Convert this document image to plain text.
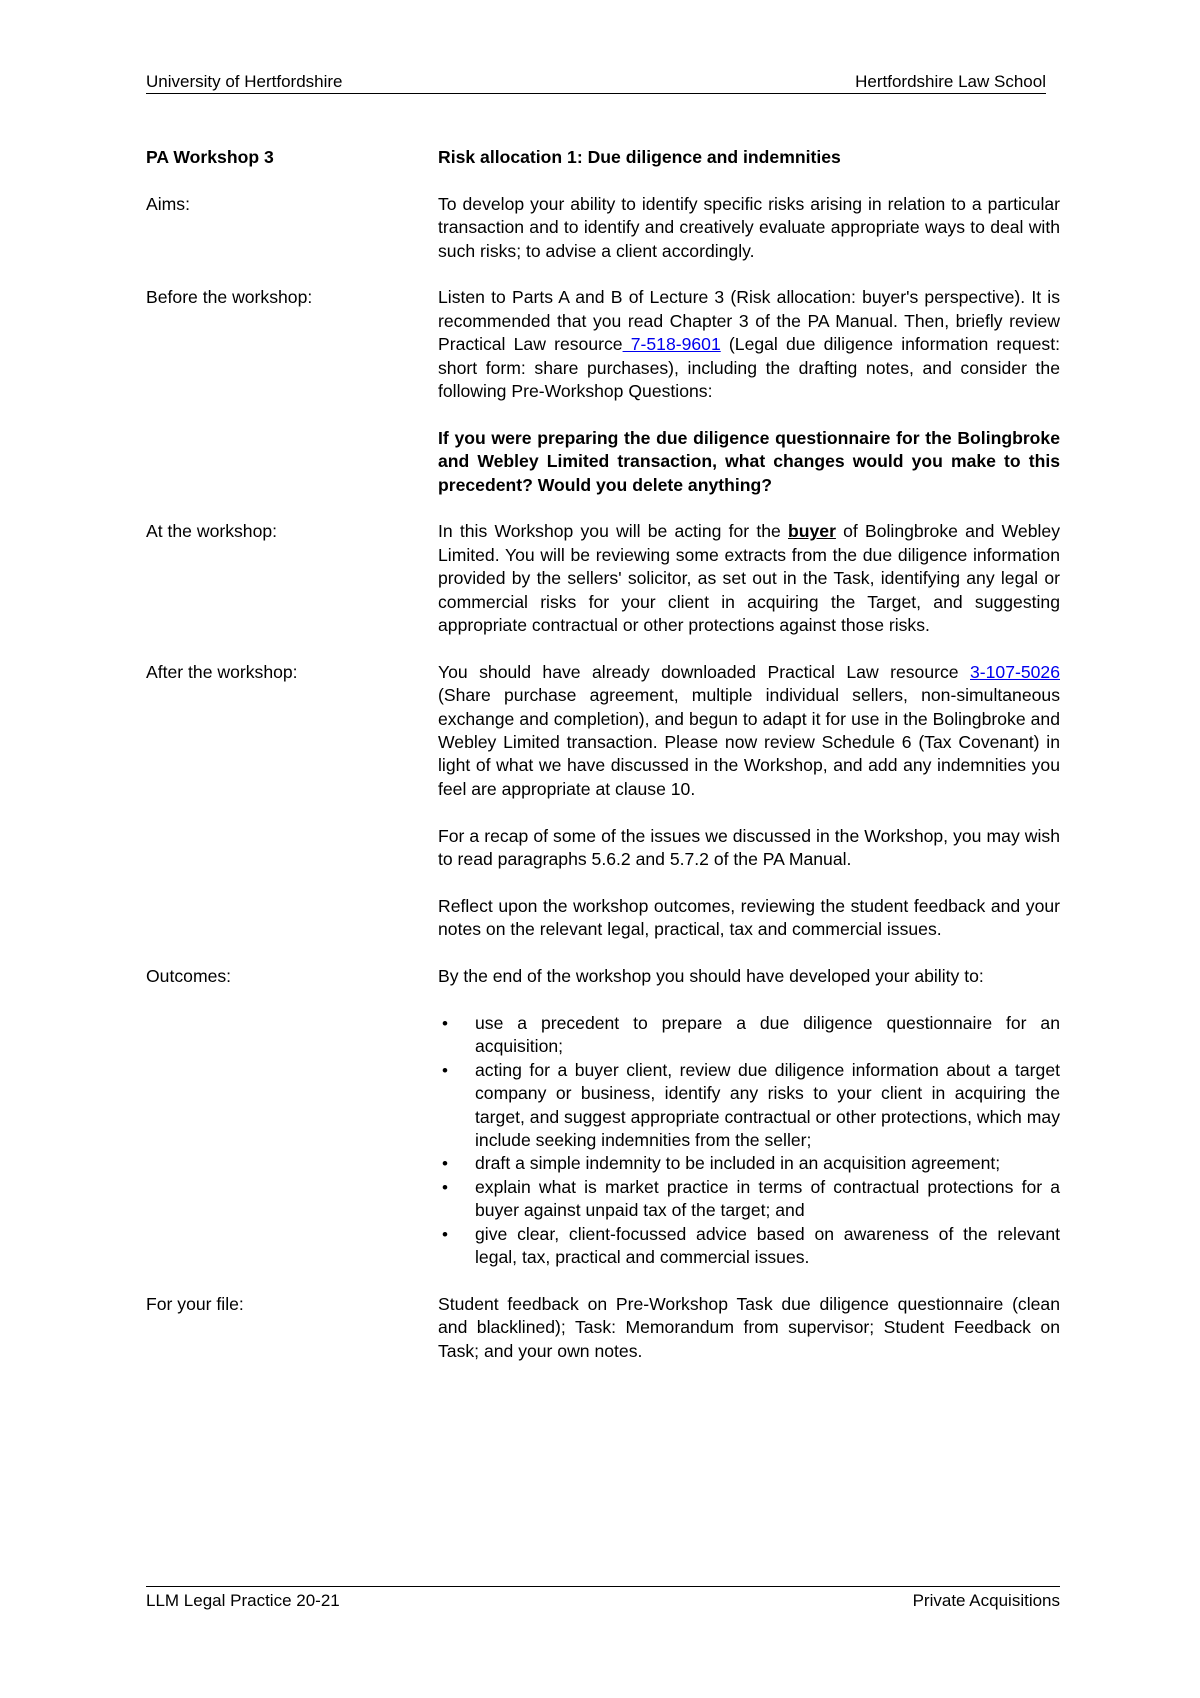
University of Hertfordshire	Hertfordshire Law School
PA Workshop 3	Risk allocation 1: Due diligence and indemnities
Aims:	To develop your ability to identify specific risks arising in relation to a particular transaction and to identify and creatively evaluate appropriate ways to deal with such risks; to advise a client accordingly.
Before the workshop:	Listen to Parts A and B of Lecture 3 (Risk allocation: buyer's perspective). It is recommended that you read Chapter 3 of the PA Manual. Then, briefly review Practical Law resource 7-518-9601 (Legal due diligence information request: short form: share purchases), including the drafting notes, and consider the following Pre-Workshop Questions:

If you were preparing the due diligence questionnaire for the Bolingbroke and Webley Limited transaction, what changes would you make to this precedent? Would you delete anything?

At the workshop:	In this Workshop you will be acting for the buyer of Bolingbroke and Webley Limited. You will be reviewing some extracts from the due diligence information provided by the sellers' solicitor, as set out in the Task, identifying any legal or commercial risks for your client in acquiring the Target, and suggesting appropriate contractual or other protections against those risks.

After the workshop:	You should have already downloaded Practical Law resource 3-107-5026 (Share purchase agreement, multiple individual sellers, non-simultaneous exchange and completion), and begun to adapt it for use in the Bolingbroke and Webley Limited transaction. Please now review Schedule 6 (Tax Covenant) in light of what we have discussed in the Workshop, and add any indemnities you feel are appropriate at clause 10.

For a recap of some of the issues we discussed in the Workshop, you may wish to read paragraphs 5.6.2 and 5.7.2 of the PA Manual.

Reflect upon the workshop outcomes, reviewing the student feedback and your notes on the relevant legal, practical, tax and commercial issues.

Outcomes:	By the end of the workshop you should have developed your ability to:

• use a precedent to prepare a due diligence questionnaire for an acquisition;
• acting for a buyer client, review due diligence information about a target company or business, identify any risks to your client in acquiring the target, and suggest appropriate contractual or other protections, which may include seeking indemnities from the seller;
• draft a simple indemnity to be included in an acquisition agreement;
• explain what is market practice in terms of contractual protections for a buyer against unpaid tax of the target; and
• give clear, client-focussed advice based on awareness of the relevant legal, tax, practical and commercial issues.
For your file:	Student feedback on Pre-Workshop Task due diligence questionnaire (clean and blacklined); Task: Memorandum from supervisor; Student Feedback on Task; and your own notes.
LLM Legal Practice 20-21	Private Acquisitions
